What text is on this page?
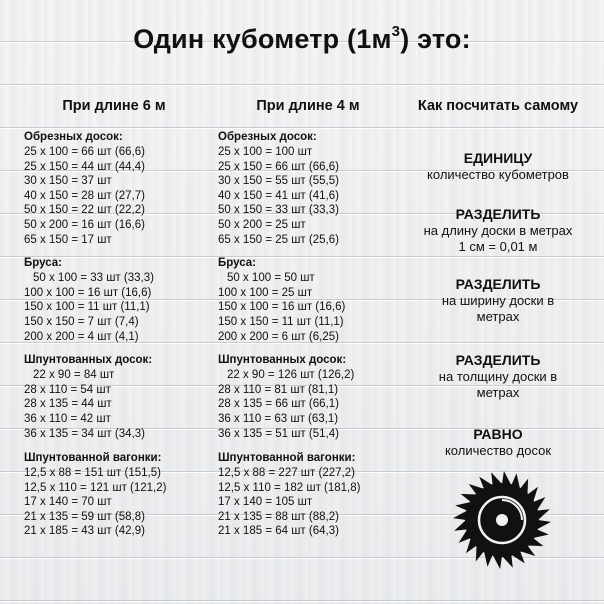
Один кубометр $(1м^3)$ это:
При длине 6 м
Обрезных досок:
25 x 100 = 66 шт (66,6)
25 x 150 = 44 шт (44,4)
30 x 150 = 37 шт
40 x 150 = 28 шт (27,7)
50 x 150 = 22 шт (22,2)
50 x 200 = 16 шт (16,6)
65 x 150 = 17 шт
Бруса:
50 x 100 = 33 шт (33,3)
100 x 100 = 16 шт (16,6)
150 x 100 = 11 шт (11,1)
150 x 150 = 7 шт (7,4)
200 x 200 = 4 шт (4,1)
Шпунтованных досок:
22 x 90 = 84 шт
28 x 110 = 54 шт
28 x 135 = 44 шт
36 x 110 = 42 шт
36 x 135 = 34 шт (34,3)
Шпунтованной вагонки:
12,5 x 88 = 151 шт (151,5)
12,5 x 110 = 121 шт (121,2)
17 x 140 = 70 шт
21 x 135 = 59 шт (58,8)
21 x 185 = 43 шт (42,9)
При длине 4 м
Обрезных досок:
25 x 100 = 100 шт
25 x 150 = 66 шт (66,6)
30 x 150 = 55 шт (55,5)
40 x 150 = 41 шт (41,6)
50 x 150 = 33 шт (33,3)
50 x 200 = 25 шт
65 x 150 = 25 шт (25,6)
Бруса:
50 x 100 = 50 шт
100 x 100 = 25 шт
150 x 100 = 16 шт (16,6)
150 x 150 = 11 шт (11,1)
200 x 200 = 6 шт (6,25)
Шпунтованных досок:
22 x 90 = 126 шт (126,2)
28 x 110 = 81 шт (81,1)
28 x 135 = 66 шт (66,1)
36 x 110 = 63 шт (63,1)
36 x 135 = 51 шт (51,4)
Шпунтованной вагонки:
12,5 x 88 = 227 шт (227,2)
12,5 x 110 = 182 шт (181,8)
17 x 140 = 105 шт
21 x 135 = 88 шт (88,2)
21 x 185 = 64 шт (64,3)
Как посчитать самому
ЕДИНИЦУ
количество кубометров
РАЗДЕЛИТЬ
на длину доски в метрах
1 см = 0,01 м
РАЗДЕЛИТЬ
на ширину доски в
метрах
РАЗДЕЛИТЬ
на толщину доски в
метрах
РАВНО
количество досок
